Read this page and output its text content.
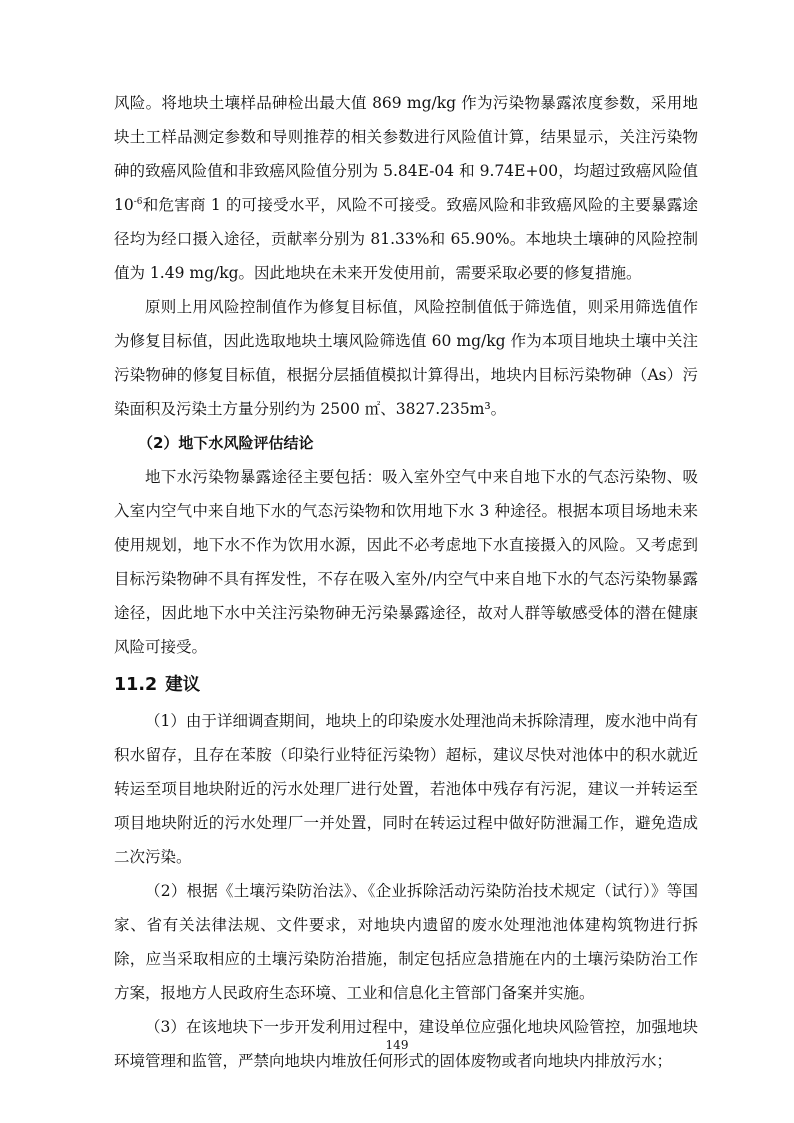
风险。将地块土壤样品砷检出最大值 869 mg/kg 作为污染物暴露浓度参数，采用地块土工样品测定参数和导则推荐的相关参数进行风险值计算，结果显示，关注污染物砷的致癌风险值和非致癌风险值分别为 5.84E-04 和 9.74E+00，均超过致癌风险值 $10^{-6}$和危害商 1 的可接受水平，风险不可接受。致癌风险和非致癌风险的主要暴露途径均为经口摄入途径，贡献率分别为 81.33%和 65.90%。本地块土壤砷的风险控制值为 1.49 mg/kg。因此地块在未来开发使用前，需要采取必要的修复措施。

原则上用风险控制值作为修复目标值，风险控制值低于筛选值，则采用筛选值作为修复目标值，因此选取地块土壤风险筛选值 60 mg/kg 作为本项目地块土壤中关注污染物砷的修复目标值，根据分层插值模拟计算得出，地块内目标污染物砷（As）污染面积及污染土方量分别约为 2500 ㎡、3827.235m³。

（2）地下水风险评估结论

地下水污染物暴露途径主要包括：吸入室外空气中来自地下水的气态污染物、吸入室内空气中来自地下水的气态污染物和饮用地下水 3 种途径。根据本项目场地未来使用规划，地下水不作为饮用水源，因此不必考虑地下水直接摄入的风险。又考虑到目标污染物砷不具有挥发性，不存在吸入室外/内空气中来自地下水的气态污染物暴露途径，因此地下水中关注污染物砷无污染暴露途径，故对人群等敏感受体的潜在健康风险可接受。

11.2 建议

（1）由于详细调查期间，地块上的印染废水处理池尚未拆除清理，废水池中尚有积水留存，且存在苯胺（印染行业特征污染物）超标，建议尽快对池体中的积水就近转运至项目地块附近的污水处理厂进行处置，若池体中残存有污泥，建议一并转运至项目地块附近的污水处理厂一并处置，同时在转运过程中做好防泄漏工作，避免造成二次污染。

（2）根据《土壤污染防治法》、《企业拆除活动污染防治技术规定（试行）》等国家、省有关法律法规、文件要求，对地块内遗留的废水处理池池体建构筑物进行拆除，应当采取相应的土壤污染防治措施，制定包括应急措施在内的土壤污染防治工作方案，报地方人民政府生态环境、工业和信息化主管部门备案并实施。

（3）在该地块下一步开发利用过程中，建设单位应强化地块风险管控，加强地块环境管理和监管，严禁向地块内堆放任何形式的固体废物或者向地块内排放污水；

149
